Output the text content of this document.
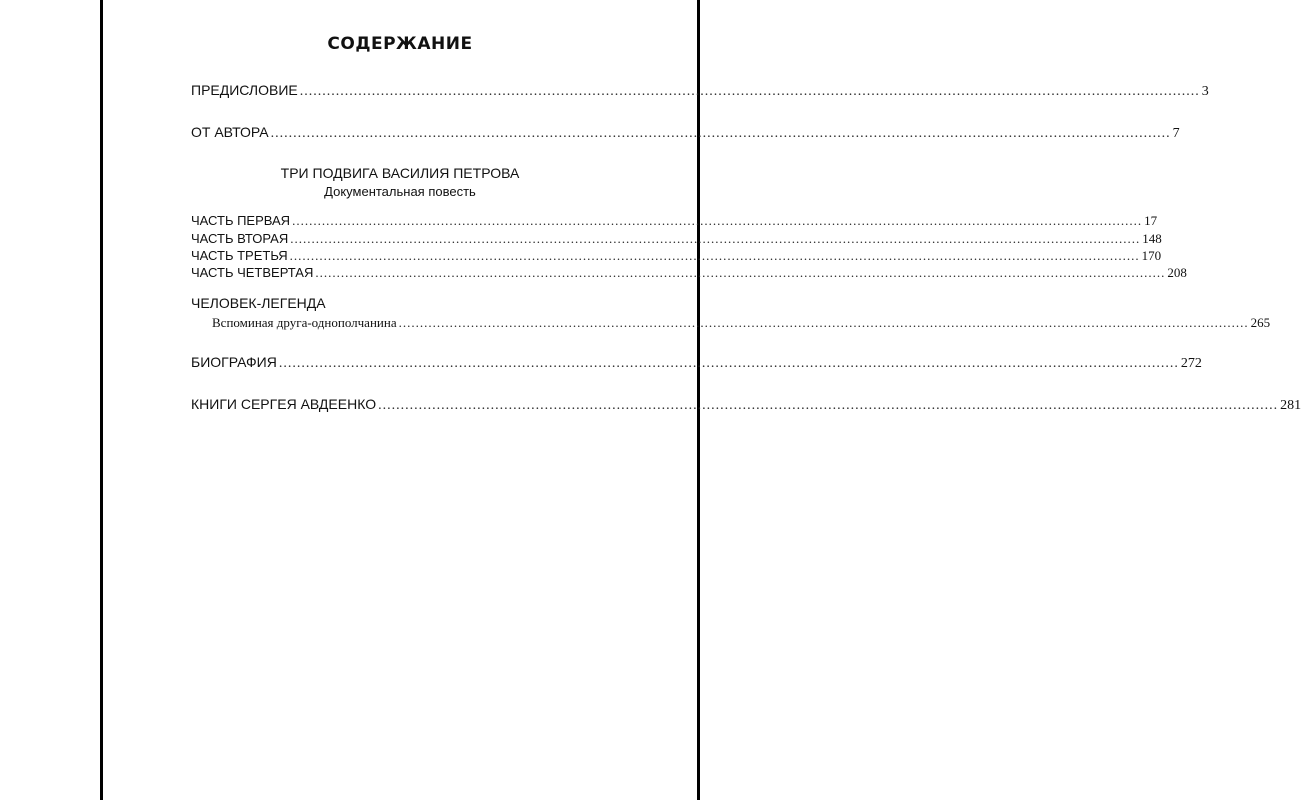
СОДЕРЖАНИЕ
ПРЕДИСЛОВИЕ ........................................................................................................................................................................................................ 3
ОТ АВТОРА ........................................................................................................................................................................................................ 7
ТРИ ПОДВИГА ВАСИЛИЯ ПЕТРОВА
Документальная повесть
ЧАСТЬ ПЕРВАЯ ........................................................................................................................................................................................................ 17
ЧАСТЬ ВТОРАЯ ........................................................................................................................................................................................................ 148
ЧАСТЬ ТРЕТЬЯ ........................................................................................................................................................................................................ 170
ЧАСТЬ ЧЕТВЕРТАЯ ........................................................................................................................................................................................................ 208
ЧЕЛОВЕК-ЛЕГЕНДА
Вспоминая друга-однополчанина ........................................................................................................................................................................................................ 265
БИОГРАФИЯ ........................................................................................................................................................................................................ 272
КНИГИ СЕРГЕЯ АВДЕЕНКО ........................................................................................................................................................................................................ 281
